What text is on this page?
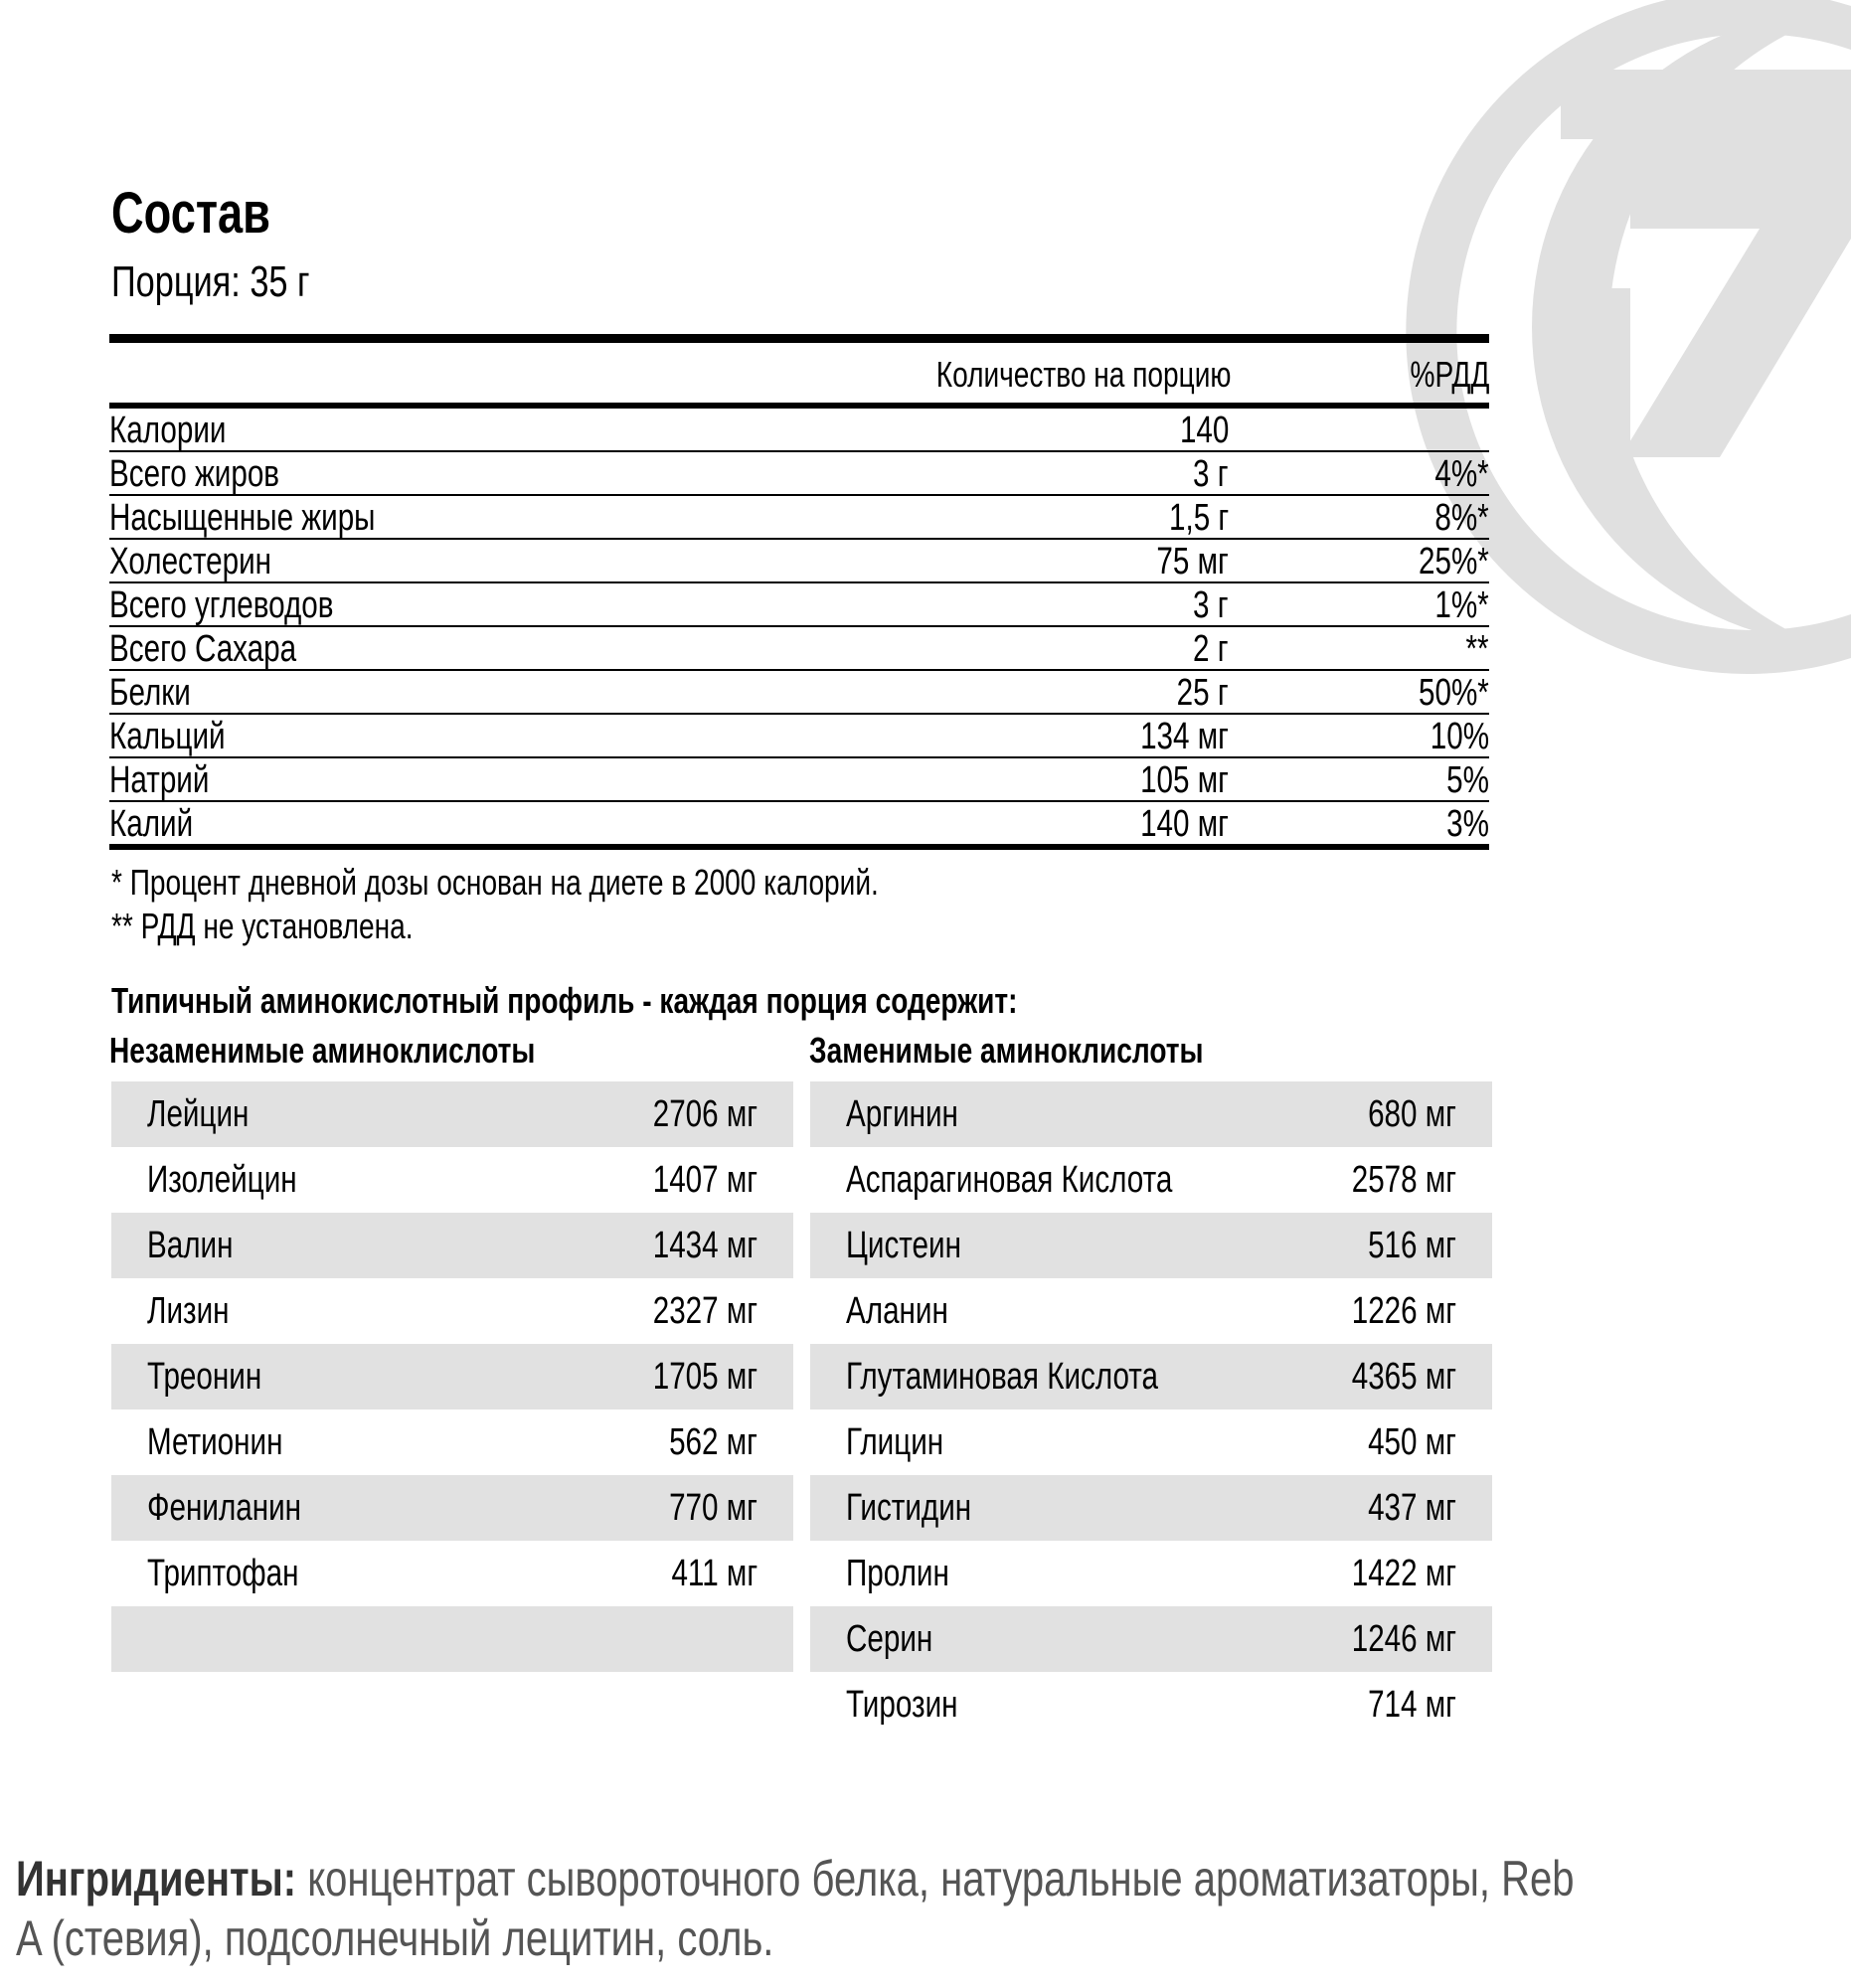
Состав
Порция: 35 г
Количество на порцию	%РДД
Калории	140
Всего жиров	3 г	4%*
Насыщенные жиры	1,5 г	8%*
Холестерин	75 мг	25%*
Всего углеводов	3 г	1%*
Всего Сахара	2 г	**
Белки	25 г	50%*
Кальций	134 мг	10%
Натрий	105 мг	5%
Калий	140 мг	3%
* Процент дневной дозы основан на диете в 2000 калорий.
** РДД не установлена.
Типичный аминокислотный профиль - каждая порция содержит:
Незаменимые аминоклислоты	Заменимые аминоклислоты
Лейцин	2706 мг
Изолейцин	1407 мг
Валин	1434 мг
Лизин	2327 мг
Треонин	1705 мг
Метионин	562 мг
Фениланин	770 мг
Триптофан	411 мг
Аргинин	680 мг
Аспарагиновая Кислота	2578 мг
Цистеин	516 мг
Аланин	1226 мг
Глутаминовая Кислота	4365 мг
Глицин	450 мг
Гистидин	437 мг
Пролин	1422 мг
Серин	1246 мг
Тирозин	714 мг
Ингридиенты: концентрат сывороточного белка, натуральные ароматизаторы, Reb
A (стевия), подсолнечный лецитин, соль.
